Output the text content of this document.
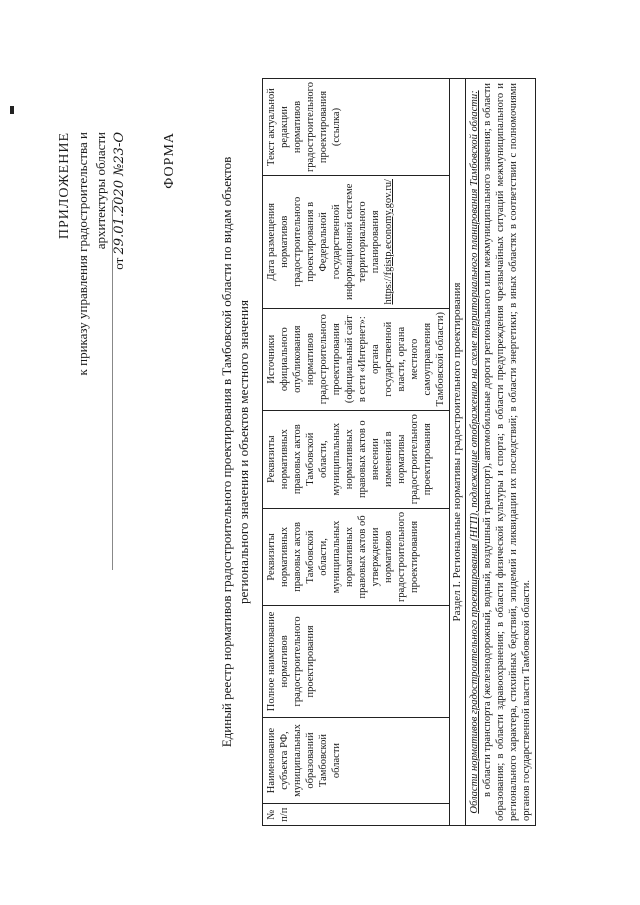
ПРИЛОЖЕНИЕ к приказу управления градостроительства и архитектуры области
от 29.01.2020 №23-О	ФОРМА	Единый реестр нормативов градостроительного проектирования в Тамбовской области по видам объектов регионального значения и объектов местного значения
№ п/п	Наименование субъекта РФ, муниципальных образований Тамбовской области	Полное наименование нормативов градостроительного проектирования	Реквизиты нормативных правовых актов Тамбовской области, муниципальных нормативных правовых актов об утверждении нормативов градостроительного проектирования	Реквизиты нормативных правовых актов Тамбовской области, муниципальных нормативных правовых актов о внесении изменений в нормативы градостроительного проектирования	Источники официального опубликования нормативов градостроительного проектирования (официальный сайт в сети «Интернет»: органа государственной власти, органа местного самоуправления Тамбовской области)	Дата размещения нормативов градостроительного проектирования в Федеральной государственной информационной системе территориального планирования https://fgistp.economy.gov.ru/	Текст актуальной редакции нормативов градостроительного проектирования (ссылка)
Раздел I. Региональные нормативы градостроительного проектирования

Области нормативов градостроительного проектирования (НГП), подлежащие отображению на схеме территориального планирования Тамбовской области: в области транспорта (железнодорожный, водный, воздушный транспорт), автомобильные дороги регионального или межмуниципального значения; в области образования; в области здравоохранения; в области физической культуры и спорта; в области предупреждения чрезвычайных ситуаций межмуниципального и регионального характера, стихийных бедствий, эпидемий и ликвидации их последствий; в области энергетики; в иных областях в соответствии с полномочиями органов государственной власти Тамбовской области.
